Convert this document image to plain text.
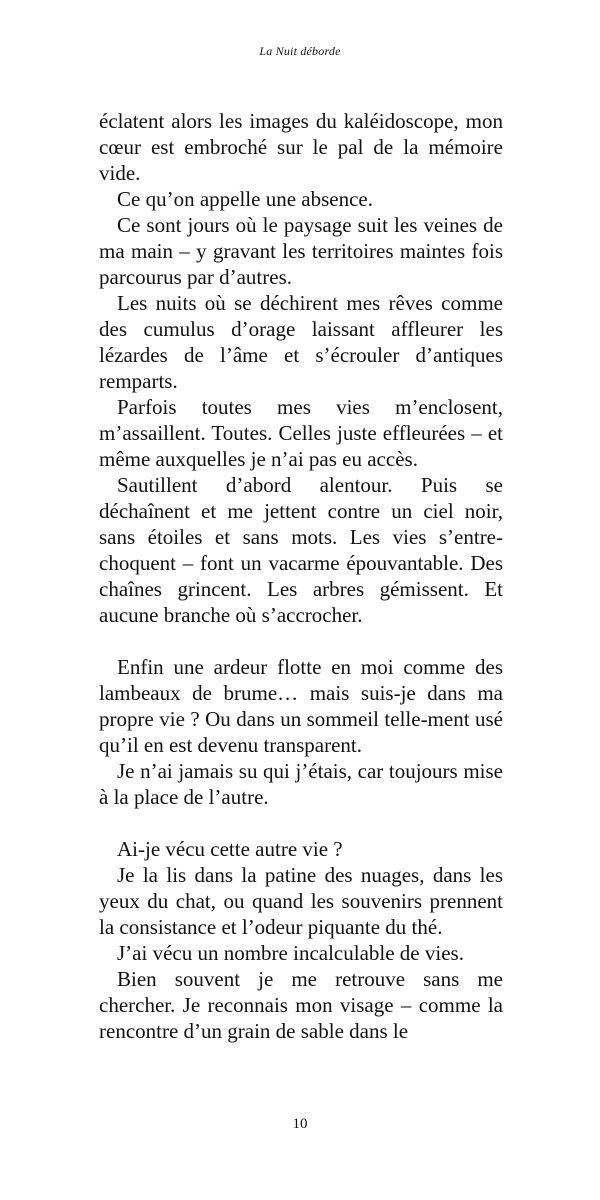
La Nuit déborde

éclatent alors les images du kaléidoscope, mon cœur est embroché sur le pal de la mémoire vide.

Ce qu’on appelle une absence.

Ce sont jours où le paysage suit les veines de ma main – y gravant les territoires maintes fois parcourus par d’autres.

Les nuits où se déchirent mes rêves comme des cumulus d’orage laissant affleurer les lézardes de l’âme et s’écrouler d’antiques remparts.

Parfois toutes mes vies m’enclosent, m’assaillent. Toutes. Celles juste effleurées – et même auxquelles je n’ai pas eu accès.

Sautillent d’abord alentour. Puis se déchaînent et me jettent contre un ciel noir, sans étoiles et sans mots. Les vies s’entre-choquent – font un vacarme épouvantable. Des chaînes grincent. Les arbres gémissent. Et aucune branche où s’accrocher.

Enfin une ardeur flotte en moi comme des lambeaux de brume… mais suis-je dans ma propre vie ? Ou dans un sommeil telle-ment usé qu’il en est devenu transparent.

Je n’ai jamais su qui j’étais, car toujours mise à la place de l’autre.

Ai-je vécu cette autre vie ?

Je la lis dans la patine des nuages, dans les yeux du chat, ou quand les souvenirs prennent la consistance et l’odeur piquante du thé.

J’ai vécu un nombre incalculable de vies.

Bien souvent je me retrouve sans me chercher. Je reconnais mon visage – comme la rencontre d’un grain de sable dans le

10
